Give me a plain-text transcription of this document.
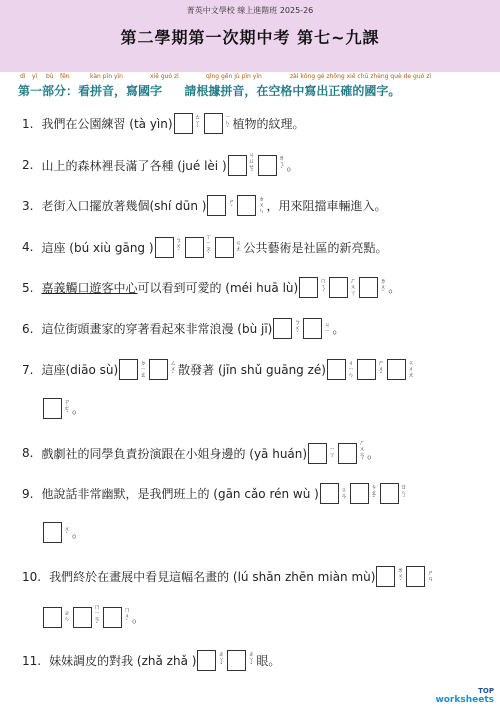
菁英中文學校 線上進階班 2025-26
第二學期第一次期中考 第七~九課
dì yī bù fēn	kàn pīn yīn	xiě guó zì	qǐng gēn jù pīn yīn	zài kōng gé zhōng xiě chū zhèng què de guó zì
第一部分：看拼音，寫國字 請根據拼音，在空格中寫出正確的國字。
1. 我們在公園練習 (tà yìn)	ㄊ
ㄚ
ˋ
ㄧ
ㄣ
ˋ 植物的紋理。
2. 山上的森林裡長滿了各種 (jué lèi )
ㄐ
ㄩ
ㄝ
ˊ
ㄌ
ㄟ
ˋ 。
3. 老街入口擺放著幾個(shí dūn )	ㄕ
ˊ
ㄉ
ㄨ
ㄣ ，用來阻擋車輛進入。
4. 這座 (bú xiù gāng )	ㄅ
ㄨ
ˊ
ㄒ
ㄧ
ㄡ
ˋ
ㄍ
ㄤ 公共藝術是社區的新亮點。
5. 嘉義觸口遊客中心 可以看到可愛的 (méi huā lù)	ㄇ
ㄟ
ˊ
ㄏ
ㄨ
ㄚ
ㄌ
ㄨ
ˋ 。
6. 這位街頭畫家的穿著看起來非常浪漫 (bù jī)	ㄅ
ㄨ
ˋ
ㄐ
ㄧ 。
7. 這座(diāo sù)	ㄉ
ㄧ
ㄠ
ㄙ
ㄨ
ˋ 散發著 (jīn shǔ guāng zé)	ㄐ
ㄧ
ㄣ
ㄕ
ㄨ
ˇ
ㄍ
ㄨ
ㄤ
ㄗ
ㄜ
ˊ 。
8. 戲劇社的同學負責扮演跟在小姐身邊的 (yā huán)	ㄧ
ㄚ
ㄏ
ㄨ
ㄢ
ˊ
。
9. 他說話非常幽默，是我們班上的 (gān cǎo rén wù )	ㄍ
ㄢ
ㄘ
ㄠ
ˇ
ㄖ
ㄣ
ˊ
ㄨ
ˋ 。
10. 我們終於在畫展中看見這幅名畫的 (lú shān zhēn miàn mù)	ㄌ
ㄨ
ˊ
ㄕ
ㄢ
ㄓ
ㄣ
ㄇ
ㄧ
ㄢ
ˋ
ㄇ
ㄨ
ˋ 。
11. 妹妹調皮的對我 (zhǎ zhǎ )	ㄓ
ㄚ
ˇ
ㄓ
ㄚ
ˇ 眼。
TOP
worksheets
